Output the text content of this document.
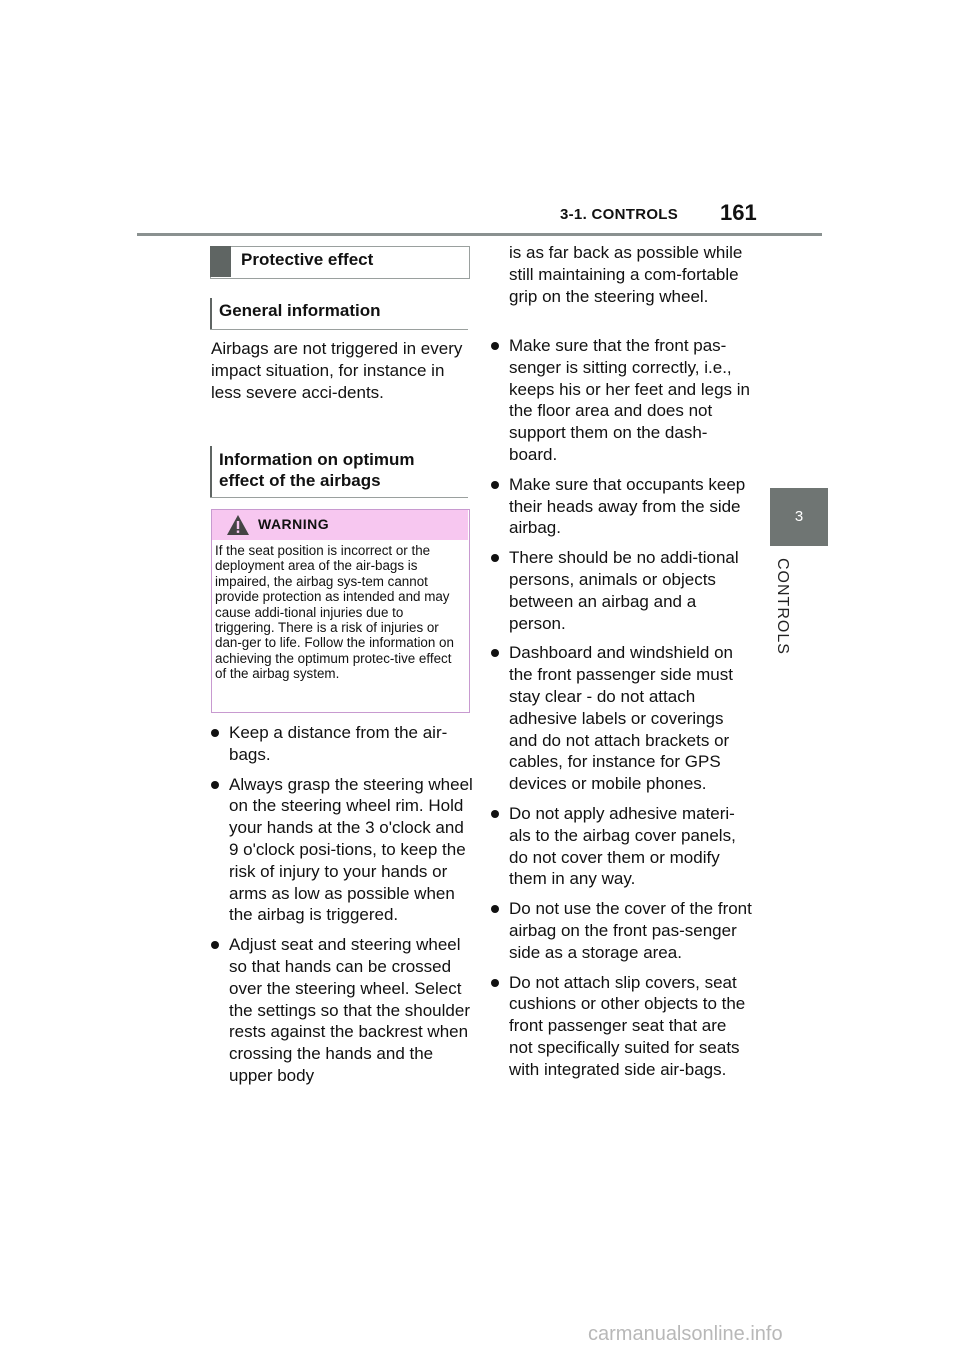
3-1. CONTROLS 161
3
CONTROLS
Protective effect
General information
Airbags are not triggered in every impact situation, for instance in less severe acci-dents.
Information on optimum effect of the airbags
WARNING
If the seat position is incorrect or the deployment area of the air-bags is impaired, the airbag sys-tem cannot provide protection as intended and may cause addi-tional injuries due to triggering. There is a risk of injuries or dan-ger to life. Follow the information on achieving the optimum protec-tive effect of the airbag system.
Keep a distance from the air-bags.
Always grasp the steering wheel on the steering wheel rim. Hold your hands at the 3 o'clock and 9 o'clock posi-tions, to keep the risk of injury to your hands or arms as low as possible when the airbag is triggered.
Adjust seat and steering wheel so that hands can be crossed over the steering wheel. Select the settings so that the shoulder rests against the backrest when crossing the hands and the upper body
is as far back as possible while still maintaining a com-fortable grip on the steering wheel.
Make sure that the front pas-senger is sitting correctly, i.e., keeps his or her feet and legs in the floor area and does not support them on the dash-board.
Make sure that occupants keep their heads away from the side airbag.
There should be no addi-tional persons, animals or objects between an airbag and a person.
Dashboard and windshield on the front passenger side must stay clear - do not attach adhesive labels or coverings and do not attach brackets or cables, for instance for GPS devices or mobile phones.
Do not apply adhesive materi-als to the airbag cover panels, do not cover them or modify them in any way.
Do not use the cover of the front airbag on the front pas-senger side as a storage area.
Do not attach slip covers, seat cushions or other objects to the front passenger seat that are not specifically suited for seats with integrated side air-bags.
carmanualsonline.info
